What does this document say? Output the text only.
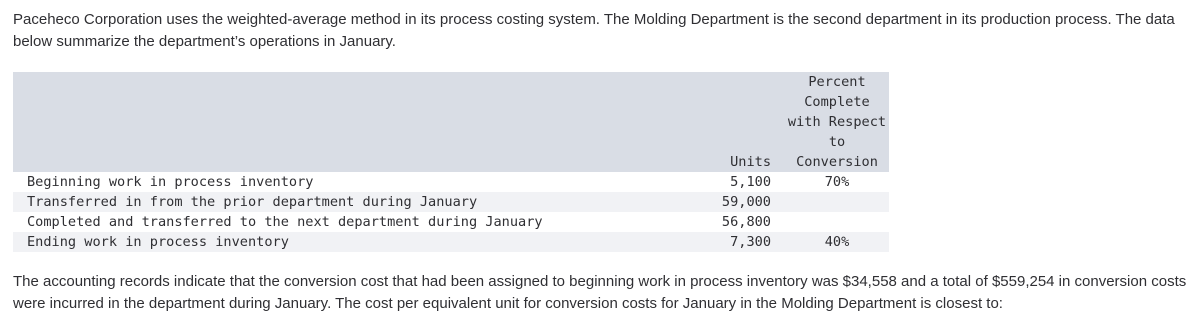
Paceheco Corporation uses the weighted-average method in its process costing system. The Molding Department is the second department in its production process. The data below summarize the department’s operations in January.

	Units	Percent
Complete
with Respect
to
Conversion

Beginning work in process inventory	5,100	70%
Transferred in from the prior department during January	59,000	
Completed and transferred to the next department during January	56,800	
Ending work in process inventory	7,300	40%

The accounting records indicate that the conversion cost that had been assigned to beginning work in process inventory was $34,558 and a total of $559,254 in conversion costs were incurred in the department during January. The cost per equivalent unit for conversion costs for January in the Molding Department is closest to:
